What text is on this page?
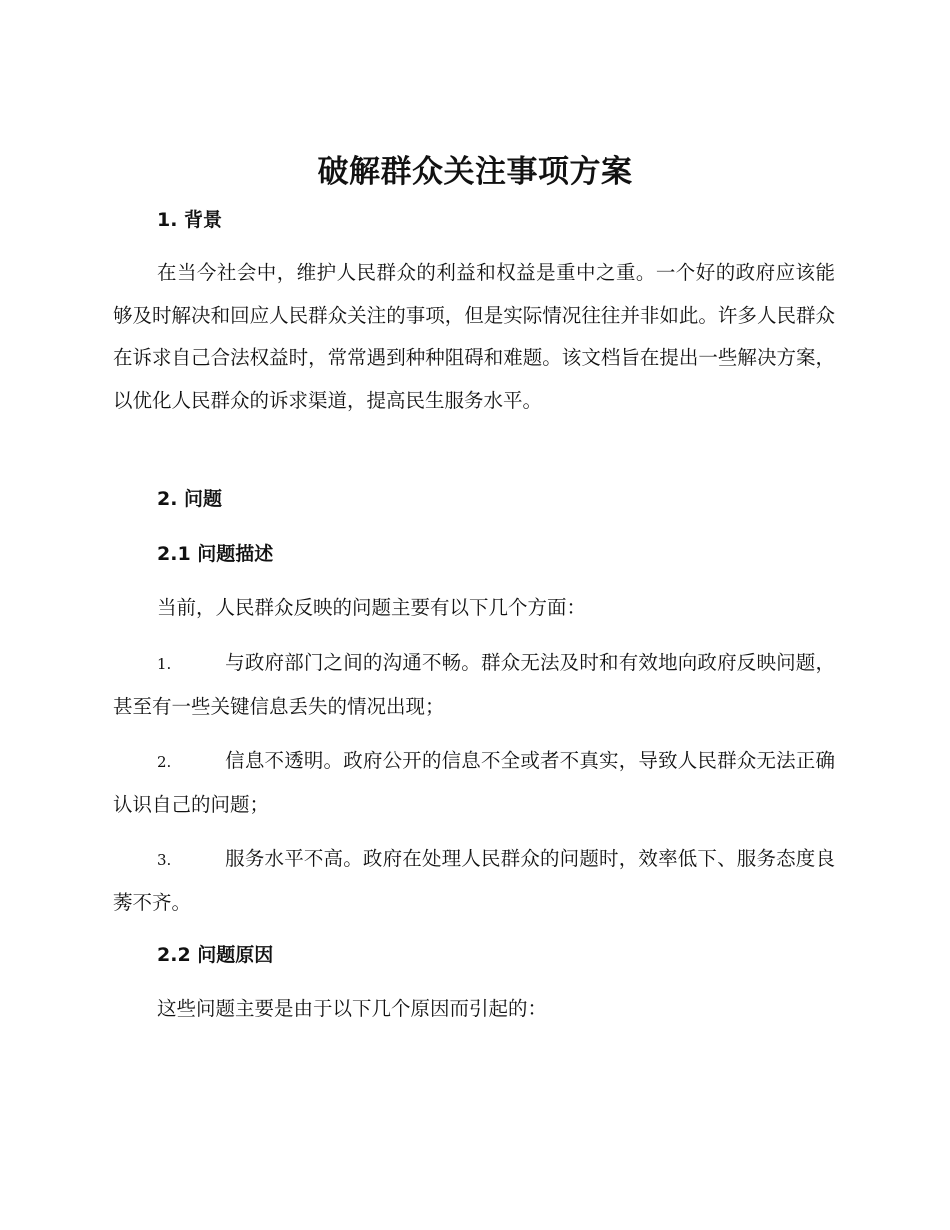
破解群众关注事项方案
1. 背景
在当今社会中，维护人民群众的利益和权益是重中之重。一个好的政府应该能够及时解决和回应人民群众关注的事项，但是实际情况往往并非如此。许多人民群众在诉求自己合法权益时，常常遇到种种阻碍和难题。该文档旨在提出一些解决方案，以优化人民群众的诉求渠道，提高民生服务水平。
2. 问题
2.1 问题描述
当前，人民群众反映的问题主要有以下几个方面：
1.	与政府部门之间的沟通不畅。群众无法及时和有效地向政府反映问题，甚至有一些关键信息丢失的情况出现；
2.	信息不透明。政府公开的信息不全或者不真实，导致人民群众无法正确认识自己的问题；
3.	服务水平不高。政府在处理人民群众的问题时，效率低下、服务态度良莠不齐。
2.2 问题原因
这些问题主要是由于以下几个原因而引起的：
